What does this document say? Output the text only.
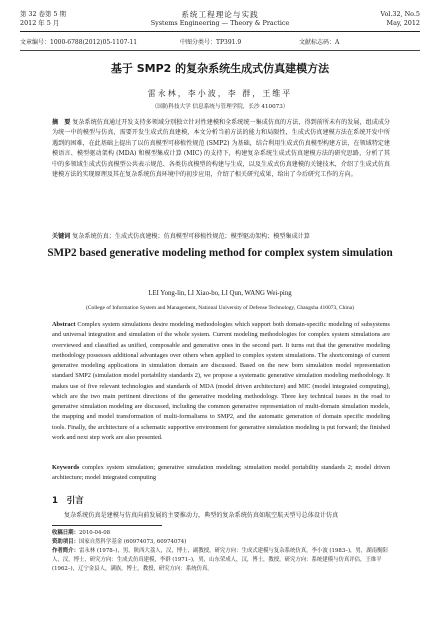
第 32 卷第 5 期
2012 年 5 月
系统工程理论与实践
Systems Engineering — Theory & Practice
Vol.32, No.5
May, 2012
文章编号：1000-6788(2012)05-1107-11	中图分类号：TP391.9	文献标志码：A
基于 SMP2 的复杂系统生成式仿真建模方法
雷永林，李小波，李 群，王维平
（国防科技大学 信息系统与管理学院，长沙 410073）
摘　要 复杂系统仿真通过开发支持多领域分别独立针对性建模和全系统统一集成仿真的方法，得到前所未有的发展，组成成分为统一中的模型与仿真，需要开发生成式仿真建模，本文分析当前方法的能力和局限性，生成式仿真建模方法在系统开发中所遇到的困难，在此基础上提出了以仿真模型可移植性规范 (SMP2) 为基础，结合利用生成式仿真模型构建方法，在领域特定建模语言、模型驱动架构 (MDA) 和模型集成计算 (MIC) 的支持下，构建复杂系统生成式仿真建模方法的研究思路，分析了其中的多领域生成式仿真模型公共表示规范、各类仿真模型的构建与生成，以及生成式仿真建模的关键技术，介绍了生成式仿真建模方法的实现原理及其在复杂系统仿真环境中的初步应用，介绍了相关研究成果，给出了今后研究工作的方向。
关键词 复杂系统仿真；生成式仿真建模；仿真模型可移植性规范；模型驱动架构；模型集成计算
SMP2 based generative modeling method for complex system simulation
LEI Yong-lin, LI Xiao-bo, LI Qun, WANG Wei-ping
(College of Information System and Management, National University of Defense Technology, Changsha 410073, China)
Abstract Complex system simulations desire modeling methodologies which support both domain-specific modeling of subsystems and universal integration and simulation of the whole system. Current modeling methodologies for complex system simulations are overviewed and classified as unified, composable and generative ones in the second part. It turns out that the generative modeling methodology possesses additional advantages over others when applied to complex system simulations. The shortcomings of current generative modeling applications in simulation domain are discussed. Based on the new born simulation model representation standard SMP2 (simulation model portability standards 2), we propose a systematic generative simulation modeling methodology. It makes use of five relevant technologies and standards of MDA (model driven architecture) and MIC (model integrated computing), which are the two main pertinent directions of the generative modeling methodology. Three key technical issues in the road to generative simulation modeling are discussed, including the common generative representation of multi-domain simulation models, the mapping and model transformation of multi-formalisms to SMP2, and the automatic generation of domain specific modeling tools. Finally, the architecture of a schematic supportive environment for generative simulation modeling is put forward; the finished work and next step work are also presented.
Keywords complex system simulation; generative simulation modeling; simulation model portability standards 2; model driven architecture; model integrated computing
1　引言
复杂系统仿真是建模与仿真向前发展的主要推动力，典型的复杂系统仿真如航空航天型号总体设计仿真
收稿日期：2010-04-08
资助项目：国家自然科学基金 (60974073, 60974074)
作者简介：雷永林 (1978–)，男，陕西大荔人，汉，博士，副教授，研究方向：生成式建模与复杂系统仿真，李小波 (1983–)，男，湖南衡阳人，汉，博士，研究方向：生成式仿真建模，李群 (1971–)，男，山东荣成人，汉，博士，教授，研究方向：系统建模与仿真评估，王维平 (1962–)，辽宁金县人，满族，博士，教授，研究方向：系统仿真。
